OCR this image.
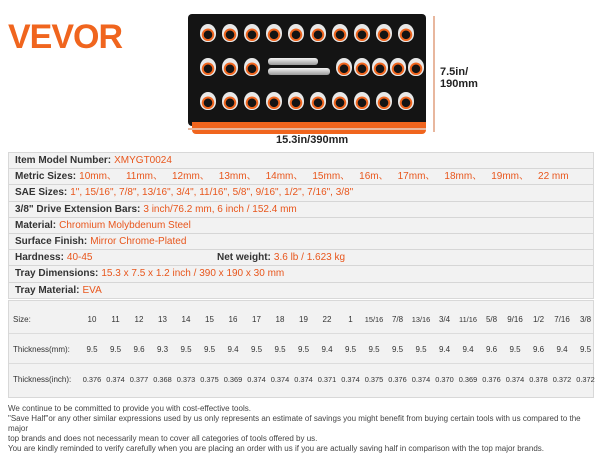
VEVOR
7.5in/
190mm
15.3in/390mm
Item Model Number: XMYGT0024
Metric Sizes: 10mm、 11mm、 12mm、 13mm、 14mm、 15mm、 16m、 17mm、 18mm、 19mm、 22 mm
SAE Sizes: 1", 15/16", 7/8", 13/16", 3/4", 11/16", 5/8", 9/16", 1/2", 7/16", 3/8"
3/8" Drive Extension Bars: 3 inch/76.2 mm, 6 inch / 152.4 mm
Material: Chromium Molybdenum Steel
Surface Finish: Mirror Chrome-Plated
Hardness: 40-45	Net weight: 3.6 lb / 1.623 kg
Tray Dimensions: 15.3 x 7.5 x 1.2 inch / 390 x 190 x 30 mm
Tray Material: EVA
Size:	10	11	12	13	14	15	16	17	18	19	22	1	15/16	7/8	13/16	3/4	11/16	5/8	9/16	1/2	7/16	3/8
Thickness(mm):	9.5	9.5	9.6	9.3	9.5	9.5	9.4	9.5	9.5	9.5	9.4	9.5	9.5	9.5	9.5	9.4	9.4	9.6	9.5	9.6	9.4	9.5
Thickness(inch): 0.376 0.374 0.377 0.368 0.373 0.375 0.369 0.374 0.374 0.374 0.371 0.374 0.375 0.376 0.374 0.370 0.369 0.376 0.374 0.378 0.372 0.372
We continue to be committed to provide you with cost-effective tools.
"Save Half"or any other similar expressions used by us only represents an estimate of savings you might benefit from buying certain tools with us compared to the major
top brands and does not necessarily mean to cover all categories of tools offered by us.
You are kindly reminded to verify carefully when you are placing an order with us if you are actually saving half in comparison with the top major brands.
